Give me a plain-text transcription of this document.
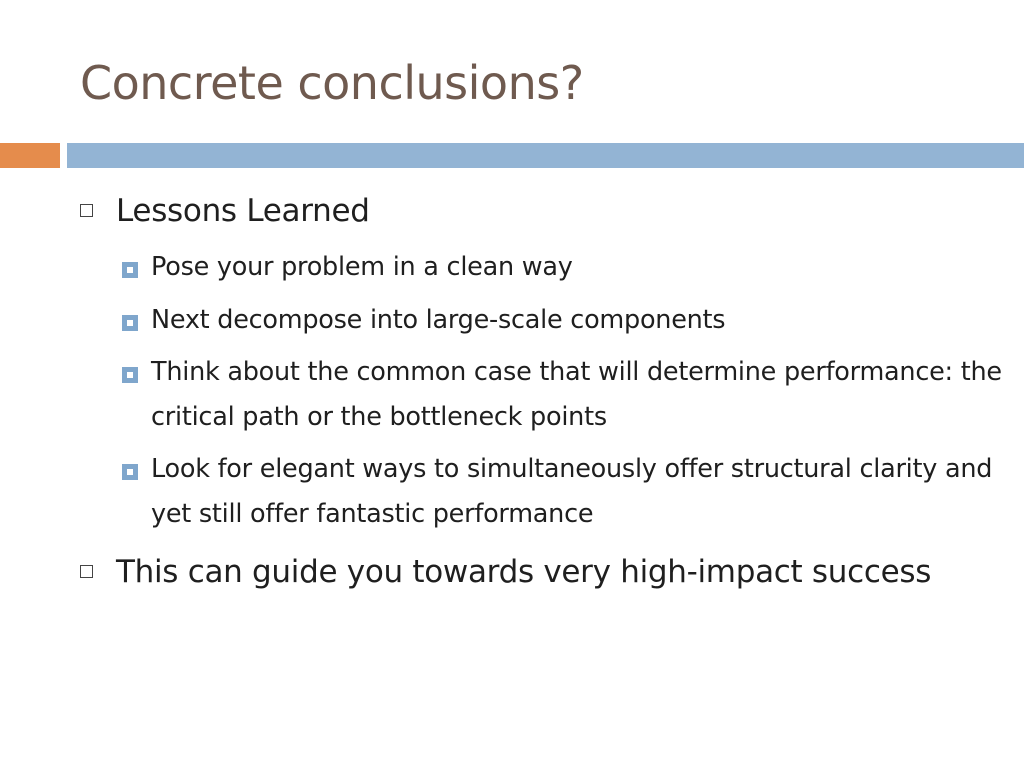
Concrete conclusions?
Lessons Learned
Pose your problem in a clean way
Next decompose into large-scale components
Think about the common case that will determine performance: the critical path or the bottleneck points
Look for elegant ways to simultaneously offer structural clarity and yet still offer fantastic performance
This can guide you towards very high-impact success
